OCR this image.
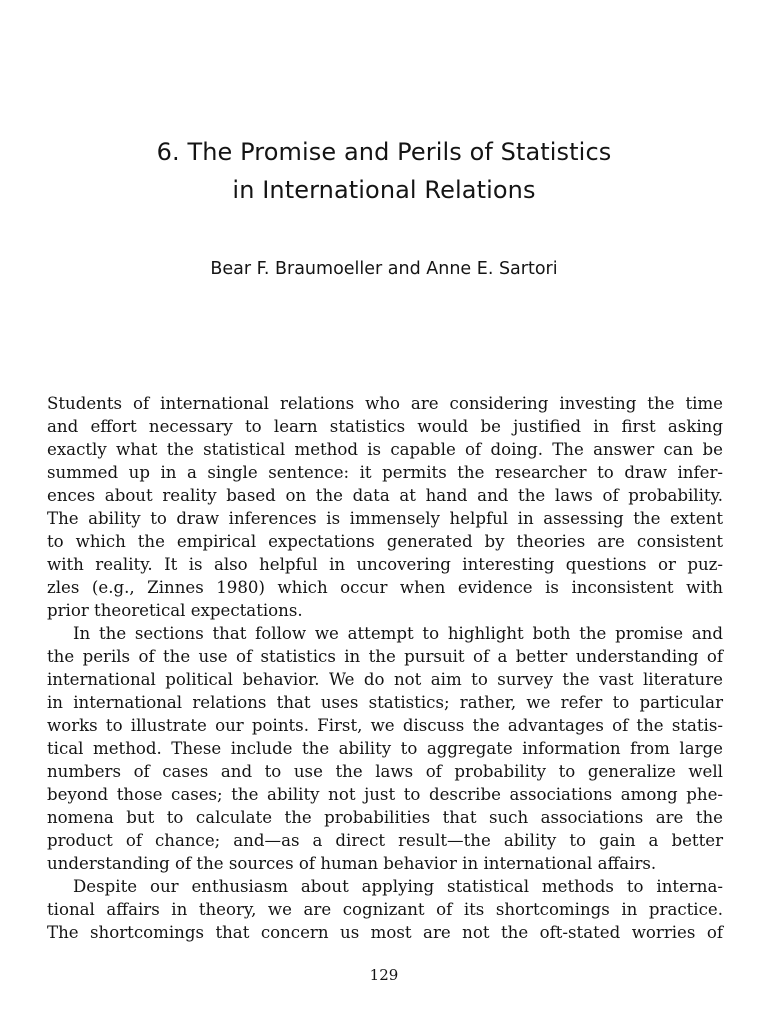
6. The Promise and Perils of Statistics
in International Relations

Bear F. Braumoeller and Anne E. Sartori

Students of international relations who are considering investing the time
and effort necessary to learn statistics would be justified in first asking
exactly what the statistical method is capable of doing. The answer can be
summed up in a single sentence: it permits the researcher to draw infer-
ences about reality based on the data at hand and the laws of probability.
The ability to draw inferences is immensely helpful in assessing the extent
to which the empirical expectations generated by theories are consistent
with reality. It is also helpful in uncovering interesting questions or puz-
zles (e.g., Zinnes 1980) which occur when evidence is inconsistent with
prior theoretical expectations.

In the sections that follow we attempt to highlight both the promise and
the perils of the use of statistics in the pursuit of a better understanding of
international political behavior. We do not aim to survey the vast literature
in international relations that uses statistics; rather, we refer to particular
works to illustrate our points. First, we discuss the advantages of the statis-
tical method. These include the ability to aggregate information from large
numbers of cases and to use the laws of probability to generalize well
beyond those cases; the ability not just to describe associations among phe-
nomena but to calculate the probabilities that such associations are the
product of chance; and—as a direct result—the ability to gain a better
understanding of the sources of human behavior in international affairs.

Despite our enthusiasm about applying statistical methods to interna-
tional affairs in theory, we are cognizant of its shortcomings in practice.
The shortcomings that concern us most are not the oft-stated worries of

129
